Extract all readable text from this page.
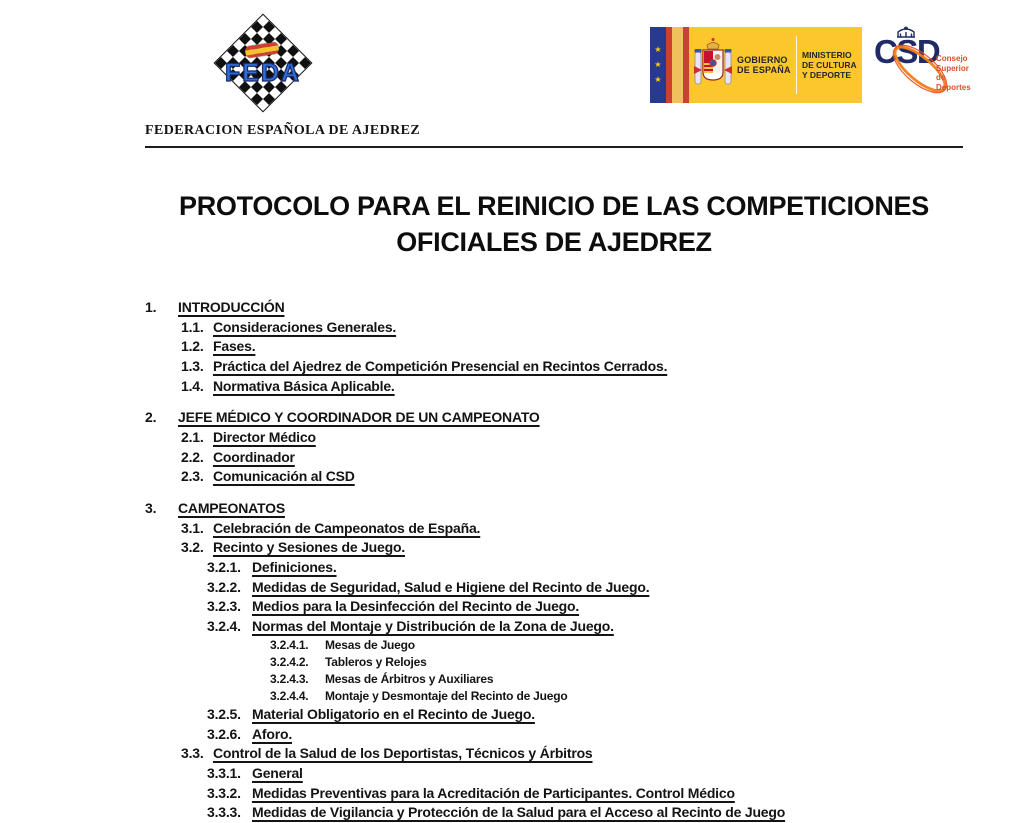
FEDA
FEDERACION ESPAÑOLA DE AJEDREZ
★
★
★
GOBIERNO
DE ESPAÑA
MINISTERIO
DE CULTURA
Y DEPORTE
CSD
Consejo
Superior de
Deportes
PROTOCOLO PARA EL REINICIO DE LAS COMPETICIONES
OFICIALES DE AJEDREZ
1.	INTRODUCCIÓN
1.1. Consideraciones Generales.
1.2. Fases.
1.3. Práctica del Ajedrez de Competición Presencial en Recintos Cerrados.
1.4. Normativa Básica Aplicable.
2.	JEFE MÉDICO Y COORDINADOR DE UN CAMPEONATO
2.1. Director Médico
2.2. Coordinador
2.3. Comunicación al CSD
3.	CAMPEONATOS
3.1. Celebración de Campeonatos de España.
3.2. Recinto y Sesiones de Juego.
3.2.1. Definiciones.
3.2.2. Medidas de Seguridad, Salud e Higiene del Recinto de Juego.
3.2.3. Medios para la Desinfección del Recinto de Juego.
3.2.4. Normas del Montaje y Distribución de la Zona de Juego.
3.2.4.1.	Mesas de Juego
3.2.4.2.	Tableros y Relojes
3.2.4.3.	Mesas de Árbitros y Auxiliares
3.2.4.4.	Montaje y Desmontaje del Recinto de Juego
3.2.5. Material Obligatorio en el Recinto de Juego.
3.2.6. Aforo.
3.3. Control de la Salud de los Deportistas, Técnicos y Árbitros
3.3.1. General
3.3.2. Medidas Preventivas para la Acreditación de Participantes. Control Médico
3.3.3. Medidas de Vigilancia y Protección de la Salud para el Acceso al Recinto de Juego
